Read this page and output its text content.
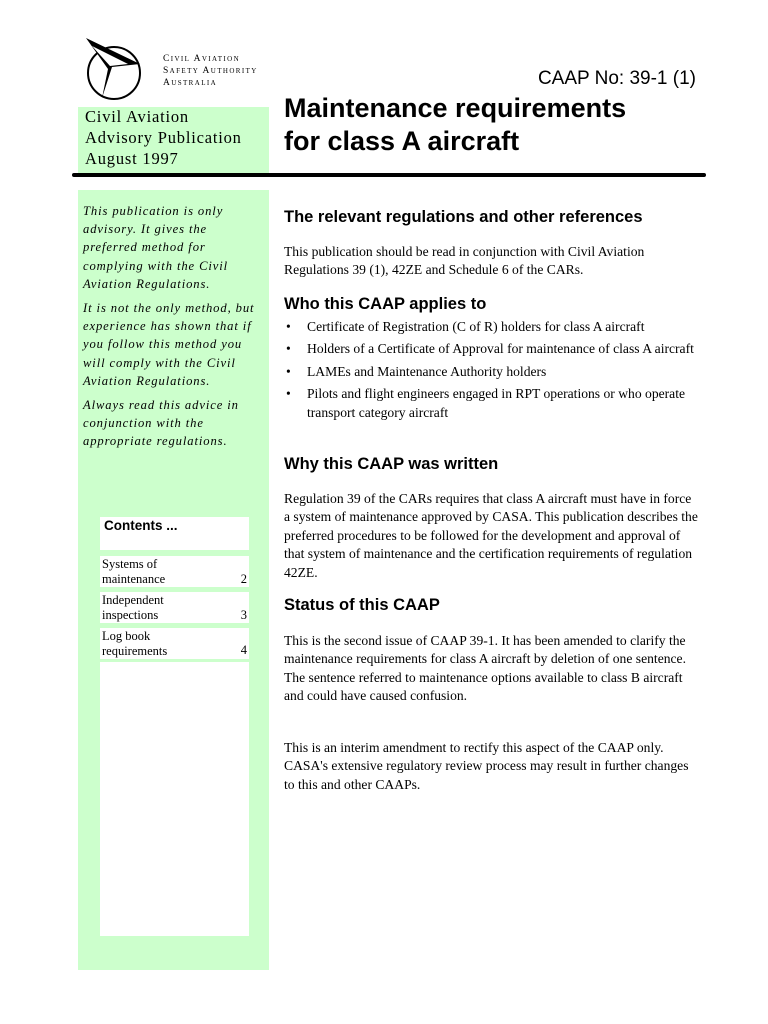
Civil Aviation
Safety Authority
Australia	CAAP No: 39-1 (1)
Civil Aviation
Advisory Publication
August 1997
Maintenance requirements
for class A aircraft

This publication is only advisory. It gives the preferred method for complying with the Civil Aviation Regulations.

It is not the only method, but experience has shown that if you follow this method you will comply with the Civil Aviation Regulations.

Always read this advice in conjunction with the appropriate regulations.

Contents ...
Systems of
maintenance	2
Independent
inspections	3
Log book
requirements	4
The relevant regulations and other references

This publication should be read in conjunction with Civil Aviation Regulations 39 (1), 42ZE and Schedule 6 of the CARs.

Who this CAAP applies to
• Certificate of Registration (C of R) holders for class A aircraft
• Holders of a Certificate of Approval for maintenance of class A aircraft
• LAMEs and Maintenance Authority holders
• Pilots and flight engineers engaged in RPT operations or who operate transport category aircraft
Why this CAAP was written

Regulation 39 of the CARs requires that class A aircraft must have in force a system of maintenance approved by CASA. This publication describes the preferred procedures to be followed for the development and approval of that system of maintenance and the certification requirements of regulation 42ZE.

Status of this CAAP

This is the second issue of CAAP 39-1. It has been amended to clarify the maintenance requirements for class A aircraft by deletion of one sentence. The sentence referred to maintenance options available to class B aircraft and could have caused confusion.

This is an interim amendment to rectify this aspect of the CAAP only. CASA's extensive regulatory review process may result in further changes to this and other CAAPs.
